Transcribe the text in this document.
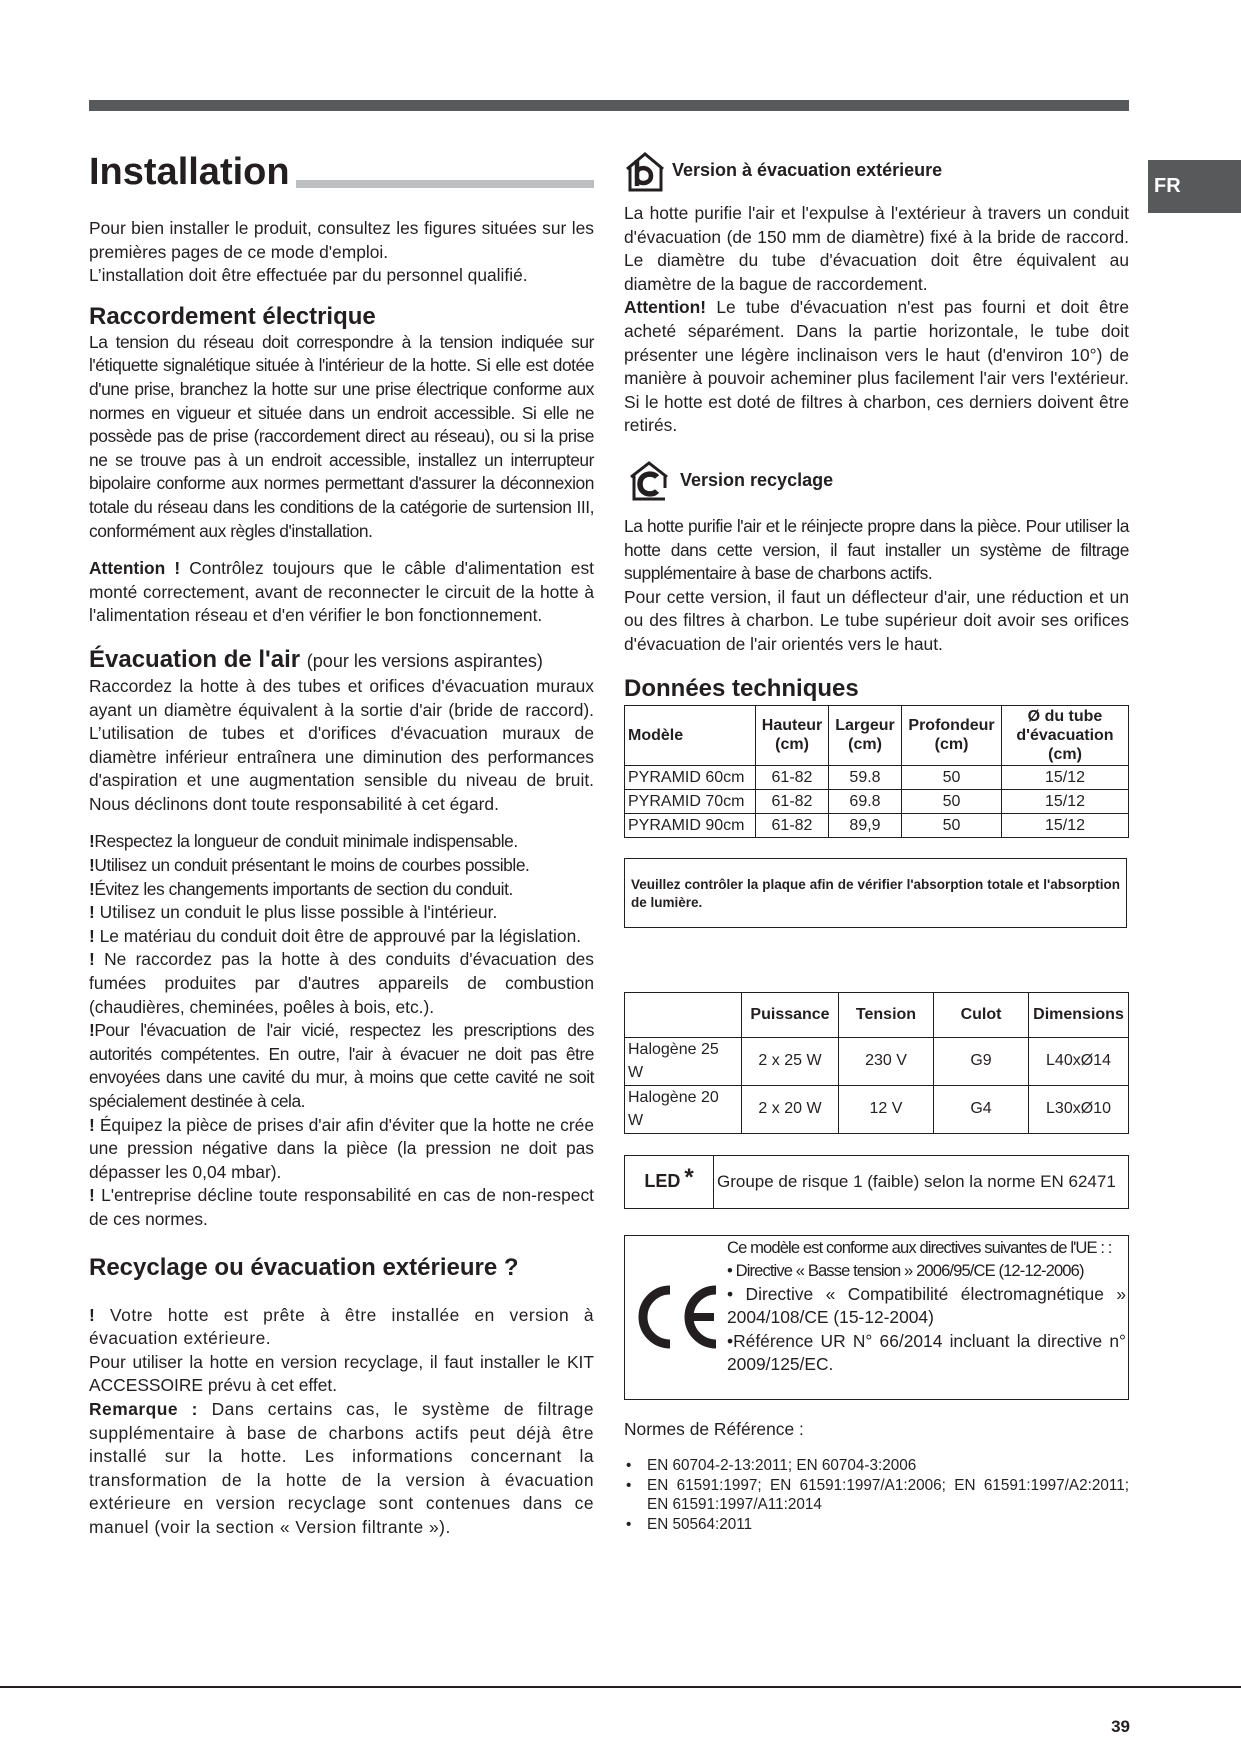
FR
Installation

Pour bien installer le produit, consultez les figures situées sur les premières pages de ce mode d'emploi.

L’installation doit être effectuée par du personnel qualifié.

Raccordement électrique

La tension du réseau doit correspondre à la tension indiquée sur l'étiquette signalétique située à l'intérieur de la hotte. Si elle est dotée d'une prise, branchez la hotte sur une prise électrique conforme aux normes en vigueur et située dans un endroit accessible. Si elle ne possède pas de prise (raccordement direct au réseau), ou si la prise ne se trouve pas à un endroit accessible, installez un interrupteur bipolaire conforme aux normes permettant d'assurer la déconnexion totale du réseau dans les conditions de la catégorie de surtension III, conformément aux règles d'installation.

Attention ! Contrôlez toujours que le câble d'alimentation est monté correctement, avant de reconnecter le circuit de la hotte à l'alimentation réseau et d'en vérifier le bon fonctionnement.

Évacuation de l'air (pour les versions aspirantes)

Raccordez la hotte à des tubes et orifices d'évacuation muraux ayant un diamètre équivalent à la sortie d'air (bride de raccord). L’utilisation de tubes et d'orifices d'évacuation muraux de diamètre inférieur entraînera une diminution des performances d'aspiration et une augmentation sensible du niveau de bruit. Nous déclinons dont toute responsabilité à cet égard.

!Respectez la longueur de conduit minimale indispensable.

!Utilisez un conduit présentant le moins de courbes possible.

!Évitez les changements importants de section du conduit.

! Utilisez un conduit le plus lisse possible à l'intérieur.

! Le matériau du conduit doit être de approuvé par la législation.

! Ne raccordez pas la hotte à des conduits d'évacuation des fumées produites par d'autres appareils de combustion (chaudières, cheminées, poêles à bois, etc.).

!Pour l'évacuation de l'air vicié, respectez les prescriptions des autorités compétentes. En outre, l'air à évacuer ne doit pas être envoyées dans une cavité du mur, à moins que cette cavité ne soit spécialement destinée à cela.

! Équipez la pièce de prises d'air afin d'éviter que la hotte ne crée une pression négative dans la pièce (la pression ne doit pas dépasser les 0,04 mbar).

! L'entreprise décline toute responsabilité en cas de non-respect de ces normes.

Recyclage ou évacuation extérieure ?

! Votre hotte est prête à être installée en version à évacuation extérieure.

Pour utiliser la hotte en version recyclage, il faut installer le KIT ACCESSOIRE prévu à cet effet.

Remarque : Dans certains cas, le système de filtrage supplémentaire à base de charbons actifs peut déjà être installé sur la hotte. Les informations concernant la transformation de la hotte de la version à évacuation extérieure en version recyclage sont contenues dans ce manuel (voir la section « Version filtrante »).

Version à évacuation extérieure

La hotte purifie l'air et l'expulse à l'extérieur à travers un conduit d'évacuation (de 150 mm de diamètre) fixé à la bride de raccord. Le diamètre du tube d'évacuation doit être équivalent au diamètre de la bague de raccordement.

Attention! Le tube d'évacuation n'est pas fourni et doit être acheté séparément. Dans la partie horizontale, le tube doit présenter une légère inclinaison vers le haut (d'environ 10°) de manière à pouvoir acheminer plus facilement l'air vers l'extérieur. Si le hotte est doté de filtres à charbon, ces derniers doivent être retirés.

Version recyclage

La hotte purifie l'air et le réinjecte propre dans la pièce. Pour utiliser la hotte dans cette version, il faut installer un système de filtrage supplémentaire à base de charbons actifs.

Pour cette version, il faut un déflecteur d'air, une réduction et un ou des filtres à charbon. Le tube supérieur doit avoir ses orifices d'évacuation de l'air orientés vers le haut.

Données techniques
Modèle	Hauteur (cm)	Largeur (cm)	Profondeur (cm)	Ø du tube d'évacuation (cm)
PYRAMID 60cm	61-82	59.8	50	15/12
PYRAMID 70cm	61-82	69.8	50	15/12
PYRAMID 90cm	61-82	89,9	50	15/12
Veuillez contrôler la plaque afin de vérifier l'absorption totale et l'absorption de lumière.
	Puissance	Tension	Culot	Dimensions
Halogène 25 W	2 x 25 W	230 V	G9	L40xØ14
Halogène 20 W	2 x 20 W	12 V	G4	L30xØ10
LED* Groupe de risque 1 (faible) selon la norme EN 62471

Ce modèle est conforme aux directives suivantes de l'UE : :

• Directive « Basse tension » 2006/95/CE (12-12-2006)

• Directive « Compatibilité électromagnétique » 2004/108/CE (15-12-2004)

•Référence UR N° 66/2014 incluant la directive n° 2009/125/EC.

Normes de Référence :

• EN 60704-2-13:2011; EN 60704-3:2006
• EN 61591:1997; EN 61591:1997/A1:2006; EN 61591:1997/A2:2011; EN 61591:1997/A11:2014
• EN 50564:2011
39
